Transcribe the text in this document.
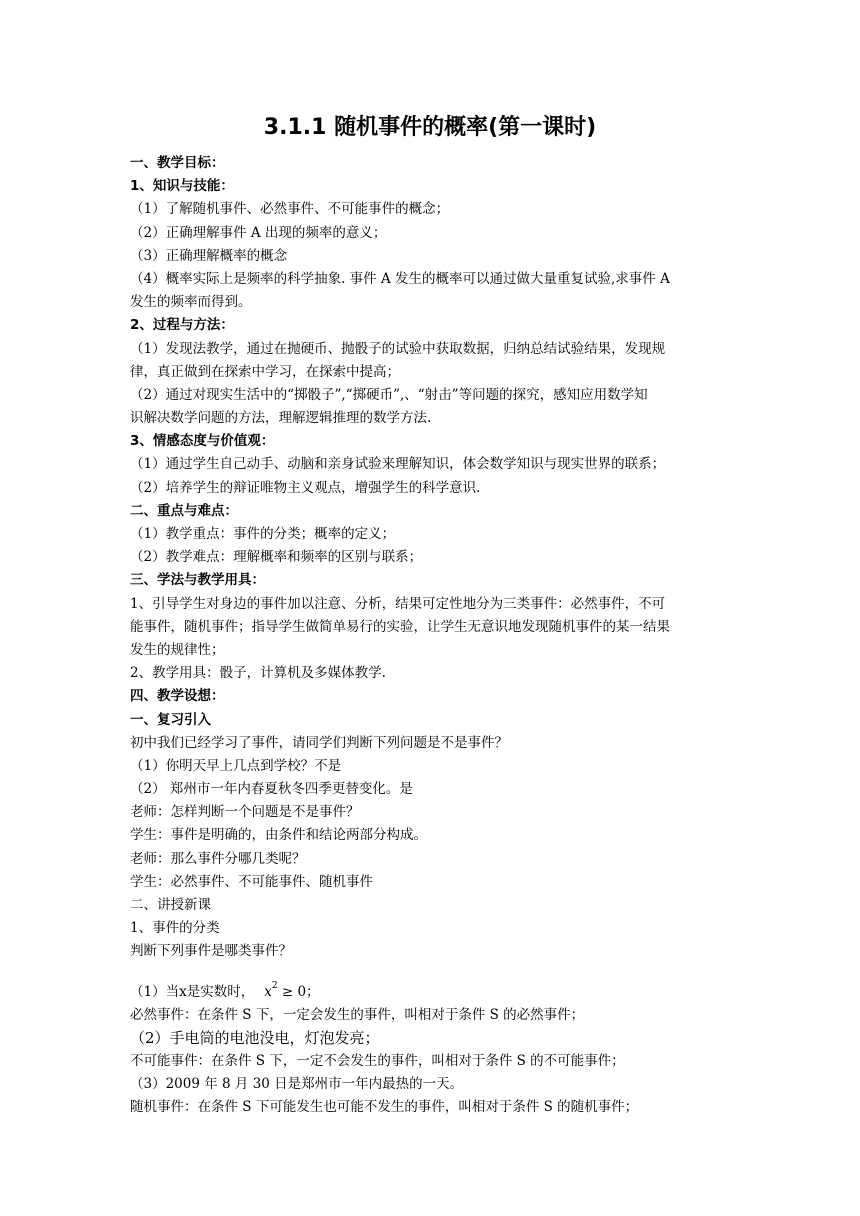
3.1.1 随机事件的概率(第一课时)
一、教学目标：
1、知识与技能：
（1）了解随机事件、必然事件、不可能事件的概念；
（2）正确理解事件 A 出现的频率的意义；
（3）正确理解概率的概念
（4）概率实际上是频率的科学抽象. 事件 A 发生的概率可以通过做大量重复试验,求事件 A
发生的频率而得到。
2、过程与方法：
（1）发现法教学，通过在抛硬币、抛骰子的试验中获取数据，归纳总结试验结果，发现规
律，真正做到在探索中学习，在探索中提高；
（2）通过对现实生活中的“掷骰子”,“掷硬币”,、“射击”等问题的探究，感知应用数学知
识解决数学问题的方法，理解逻辑推理的数学方法.
3、情感态度与价值观：
（1）通过学生自己动手、动脑和亲身试验来理解知识，体会数学知识与现实世界的联系；
（2）培养学生的辩证唯物主义观点，增强学生的科学意识.
二、重点与难点：
（1）教学重点：事件的分类；概率的定义；
（2）教学难点：理解概率和频率的区别与联系；
三、学法与教学用具：
1、引导学生对身边的事件加以注意、分析，结果可定性地分为三类事件：必然事件，不可
能事件，随机事件；指导学生做简单易行的实验，让学生无意识地发现随机事件的某一结果
发生的规律性；
2、教学用具：骰子，计算机及多媒体教学.
四、教学设想：
一、复习引入
初中我们已经学习了事件，请同学们判断下列问题是不是事件？
（1）你明天早上几点到学校？不是
（2） 郑州市一年内春夏秋冬四季更替变化。是
老师：怎样判断一个问题是不是事件？
学生：事件是明确的，由条件和结论两部分构成。
老师：那么事件分哪几类呢？
学生：必然事件、不可能事件、随机事件
二、讲授新课
1、事件的分类
判断下列事件是哪类事件？
（1）当x是实数时， $x^2 \ge 0$；
必然事件：在条件 S 下，一定会发生的事件，叫相对于条件 S 的必然事件；
（2）手电筒的电池没电，灯泡发亮；
不可能事件：在条件 S 下，一定不会发生的事件，叫相对于条件 S 的不可能事件；
（3）2009 年 8 月 30 日是郑州市一年内最热的一天。
随机事件：在条件 S 下可能发生也可能不发生的事件，叫相对于条件 S 的随机事件；
